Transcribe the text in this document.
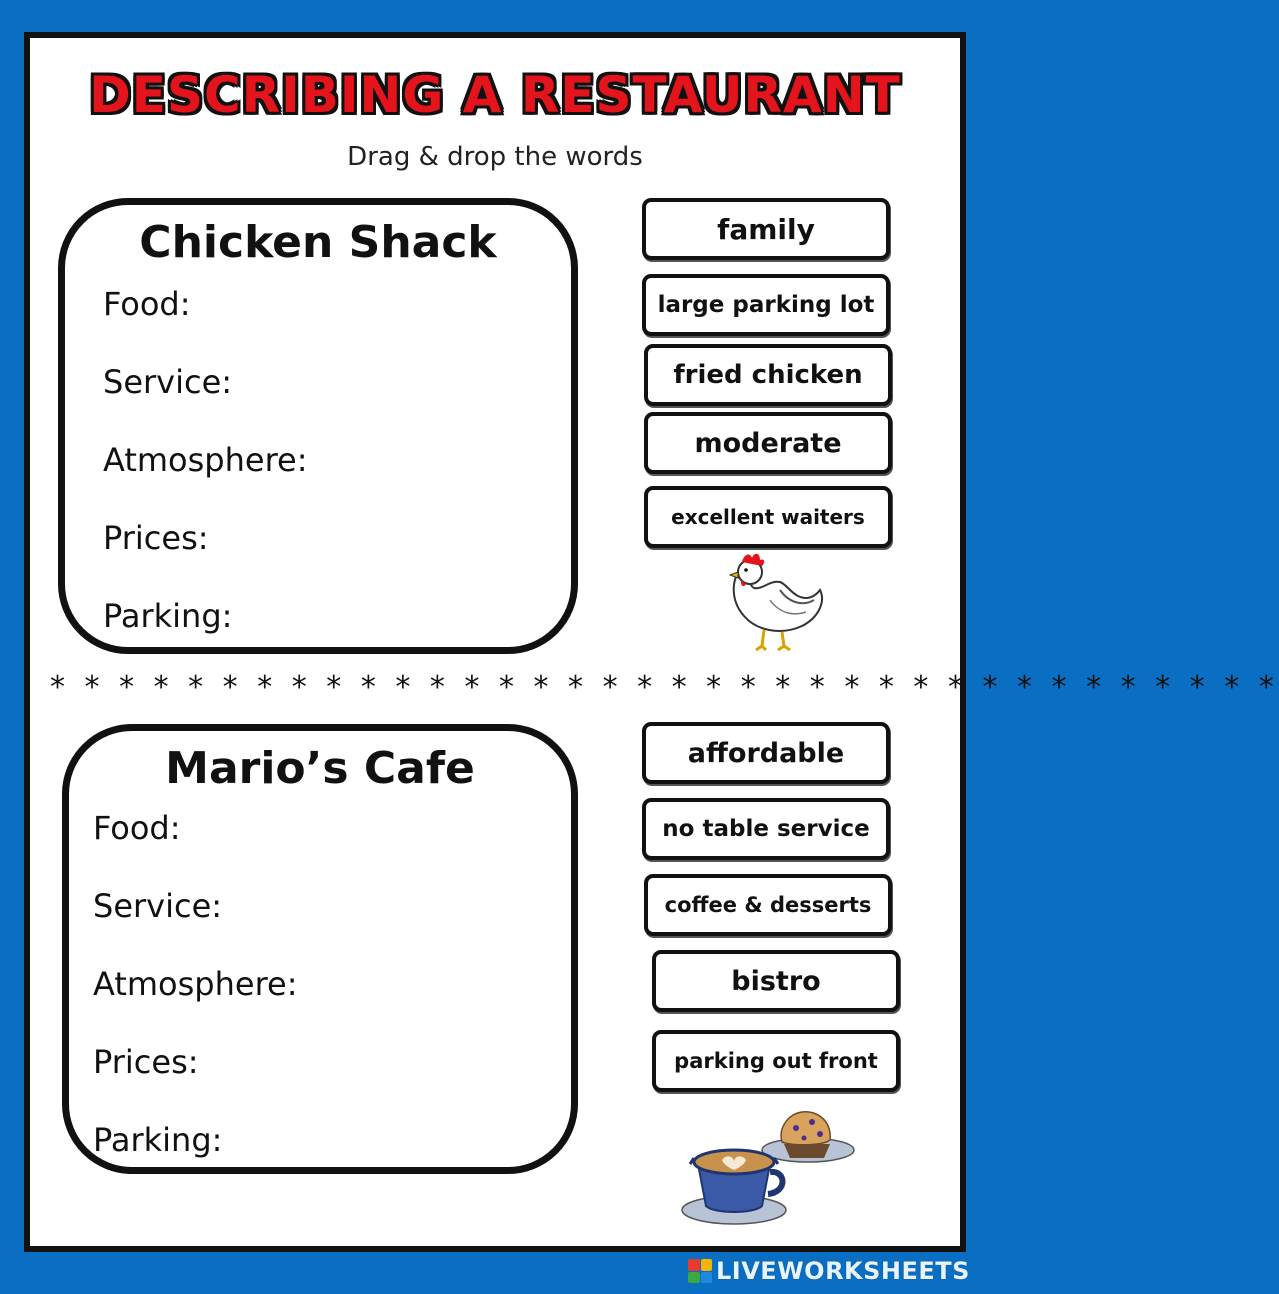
DESCRIBING A RESTAURANT
Drag & drop the words
Chicken Shack
Food:
Service:
Atmosphere:
Prices:
Parking:
family
large parking lot
fried chicken
moderate
excellent waiters
* * * * * * * * * * * * * * * * * * * * * * * * * * * * * * * * * * * *
Mario’s Cafe
Food:
Service:
Atmosphere:
Prices:
Parking:
affordable
no table service
coffee & desserts
bistro
parking out front
LIVEWORKSHEETS
